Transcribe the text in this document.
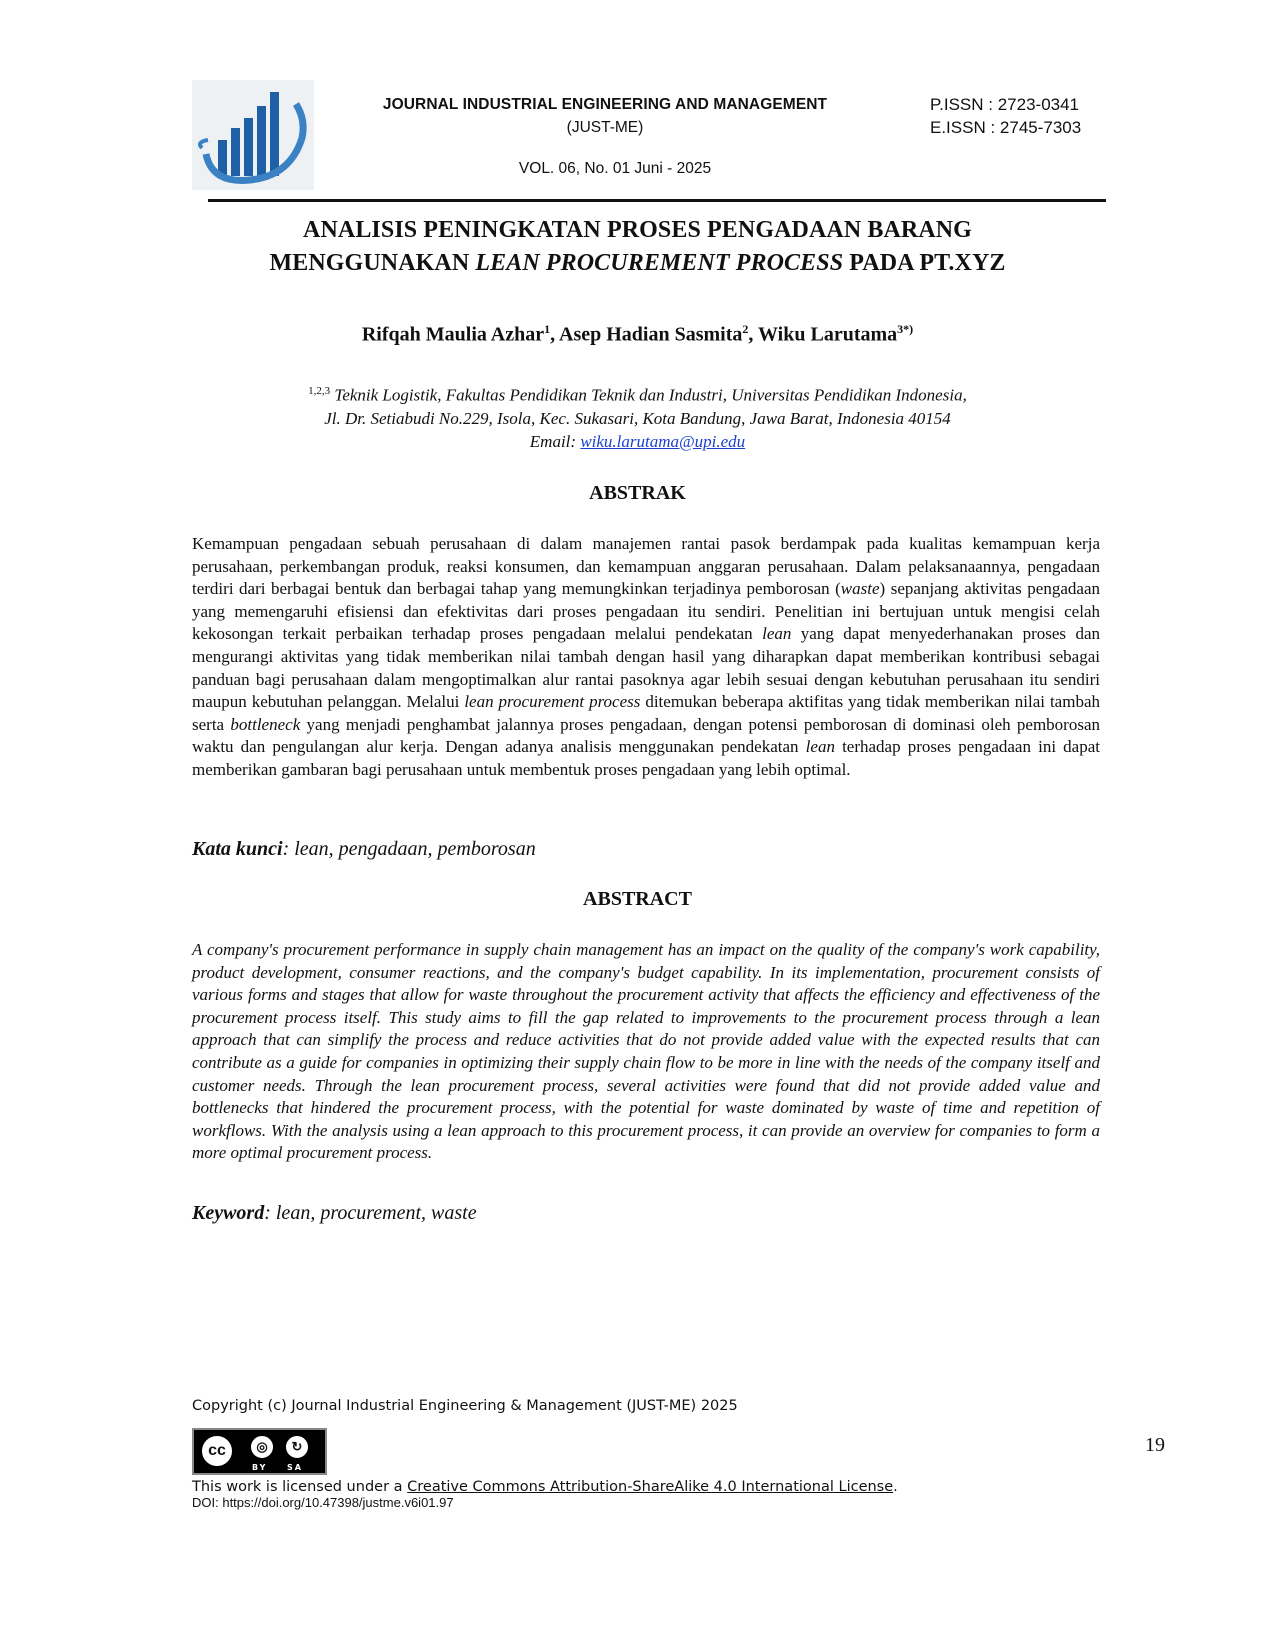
JOURNAL INDUSTRIAL ENGINEERING AND MANAGEMENT
(JUST-ME)
VOL. 06, No. 01 Juni - 2025
P.ISSN : 2723-0341
E.ISSN : 2745-7303
ANALISIS PENINGKATAN PROSES PENGADAAN BARANG
MENGGUNAKAN LEAN PROCUREMENT PROCESS PADA PT.XYZ
Rifqah Maulia Azhar$^1$, Asep Hadian Sasmita$^2$, Wiku Larutama$^{3*)}$
$^{1,2,3}$ Teknik Logistik, Fakultas Pendidikan Teknik dan Industri, Universitas Pendidikan Indonesia,
Jl. Dr. Setiabudi No.229, Isola, Kec. Sukasari, Kota Bandung, Jawa Barat, Indonesia 40154
Email: wiku.larutama@upi.edu
ABSTRAK
Kemampuan pengadaan sebuah perusahaan di dalam manajemen rantai pasok berdampak pada kualitas kemampuan kerja perusahaan, perkembangan produk, reaksi konsumen, dan kemampuan anggaran perusahaan. Dalam pelaksanaannya, pengadaan terdiri dari berbagai bentuk dan berbagai tahap yang memungkinkan terjadinya pemborosan (waste) sepanjang aktivitas pengadaan yang memengaruhi efisiensi dan efektivitas dari proses pengadaan itu sendiri. Penelitian ini bertujuan untuk mengisi celah kekosongan terkait perbaikan terhadap proses pengadaan melalui pendekatan lean yang dapat menyederhanakan proses dan mengurangi aktivitas yang tidak memberikan nilai tambah dengan hasil yang diharapkan dapat memberikan kontribusi sebagai panduan bagi perusahaan dalam mengoptimalkan alur rantai pasoknya agar lebih sesuai dengan kebutuhan perusahaan itu sendiri maupun kebutuhan pelanggan. Melalui lean procurement process ditemukan beberapa aktifitas yang tidak memberikan nilai tambah serta bottleneck yang menjadi penghambat jalannya proses pengadaan, dengan potensi pemborosan di dominasi oleh pemborosan waktu dan pengulangan alur kerja. Dengan adanya analisis menggunakan pendekatan lean terhadap proses pengadaan ini dapat memberikan gambaran bagi perusahaan untuk membentuk proses pengadaan yang lebih optimal.
Kata kunci: lean, pengadaan, pemborosan
ABSTRACT
A company's procurement performance in supply chain management has an impact on the quality of the company's work capability, product development, consumer reactions, and the company's budget capability. In its implementation, procurement consists of various forms and stages that allow for waste throughout the procurement activity that affects the efficiency and effectiveness of the procurement process itself. This study aims to fill the gap related to improvements to the procurement process through a lean approach that can simplify the process and reduce activities that do not provide added value with the expected results that can contribute as a guide for companies in optimizing their supply chain flow to be more in line with the needs of the company itself and customer needs. Through the lean procurement process, several activities were found that did not provide added value and bottlenecks that hindered the procurement process, with the potential for waste dominated by waste of time and repetition of workflows. With the analysis using a lean approach to this procurement process, it can provide an overview for companies to form a more optimal procurement process.
Keyword: lean, procurement, waste
Copyright (c) Journal Industrial Engineering & Management (JUST-ME) 2025
cc	◎	↻
BY SA
19
This work is licensed under a Creative Commons Attribution-ShareAlike 4.0 International License.
DOI: https://doi.org/10.47398/justme.v6i01.97
